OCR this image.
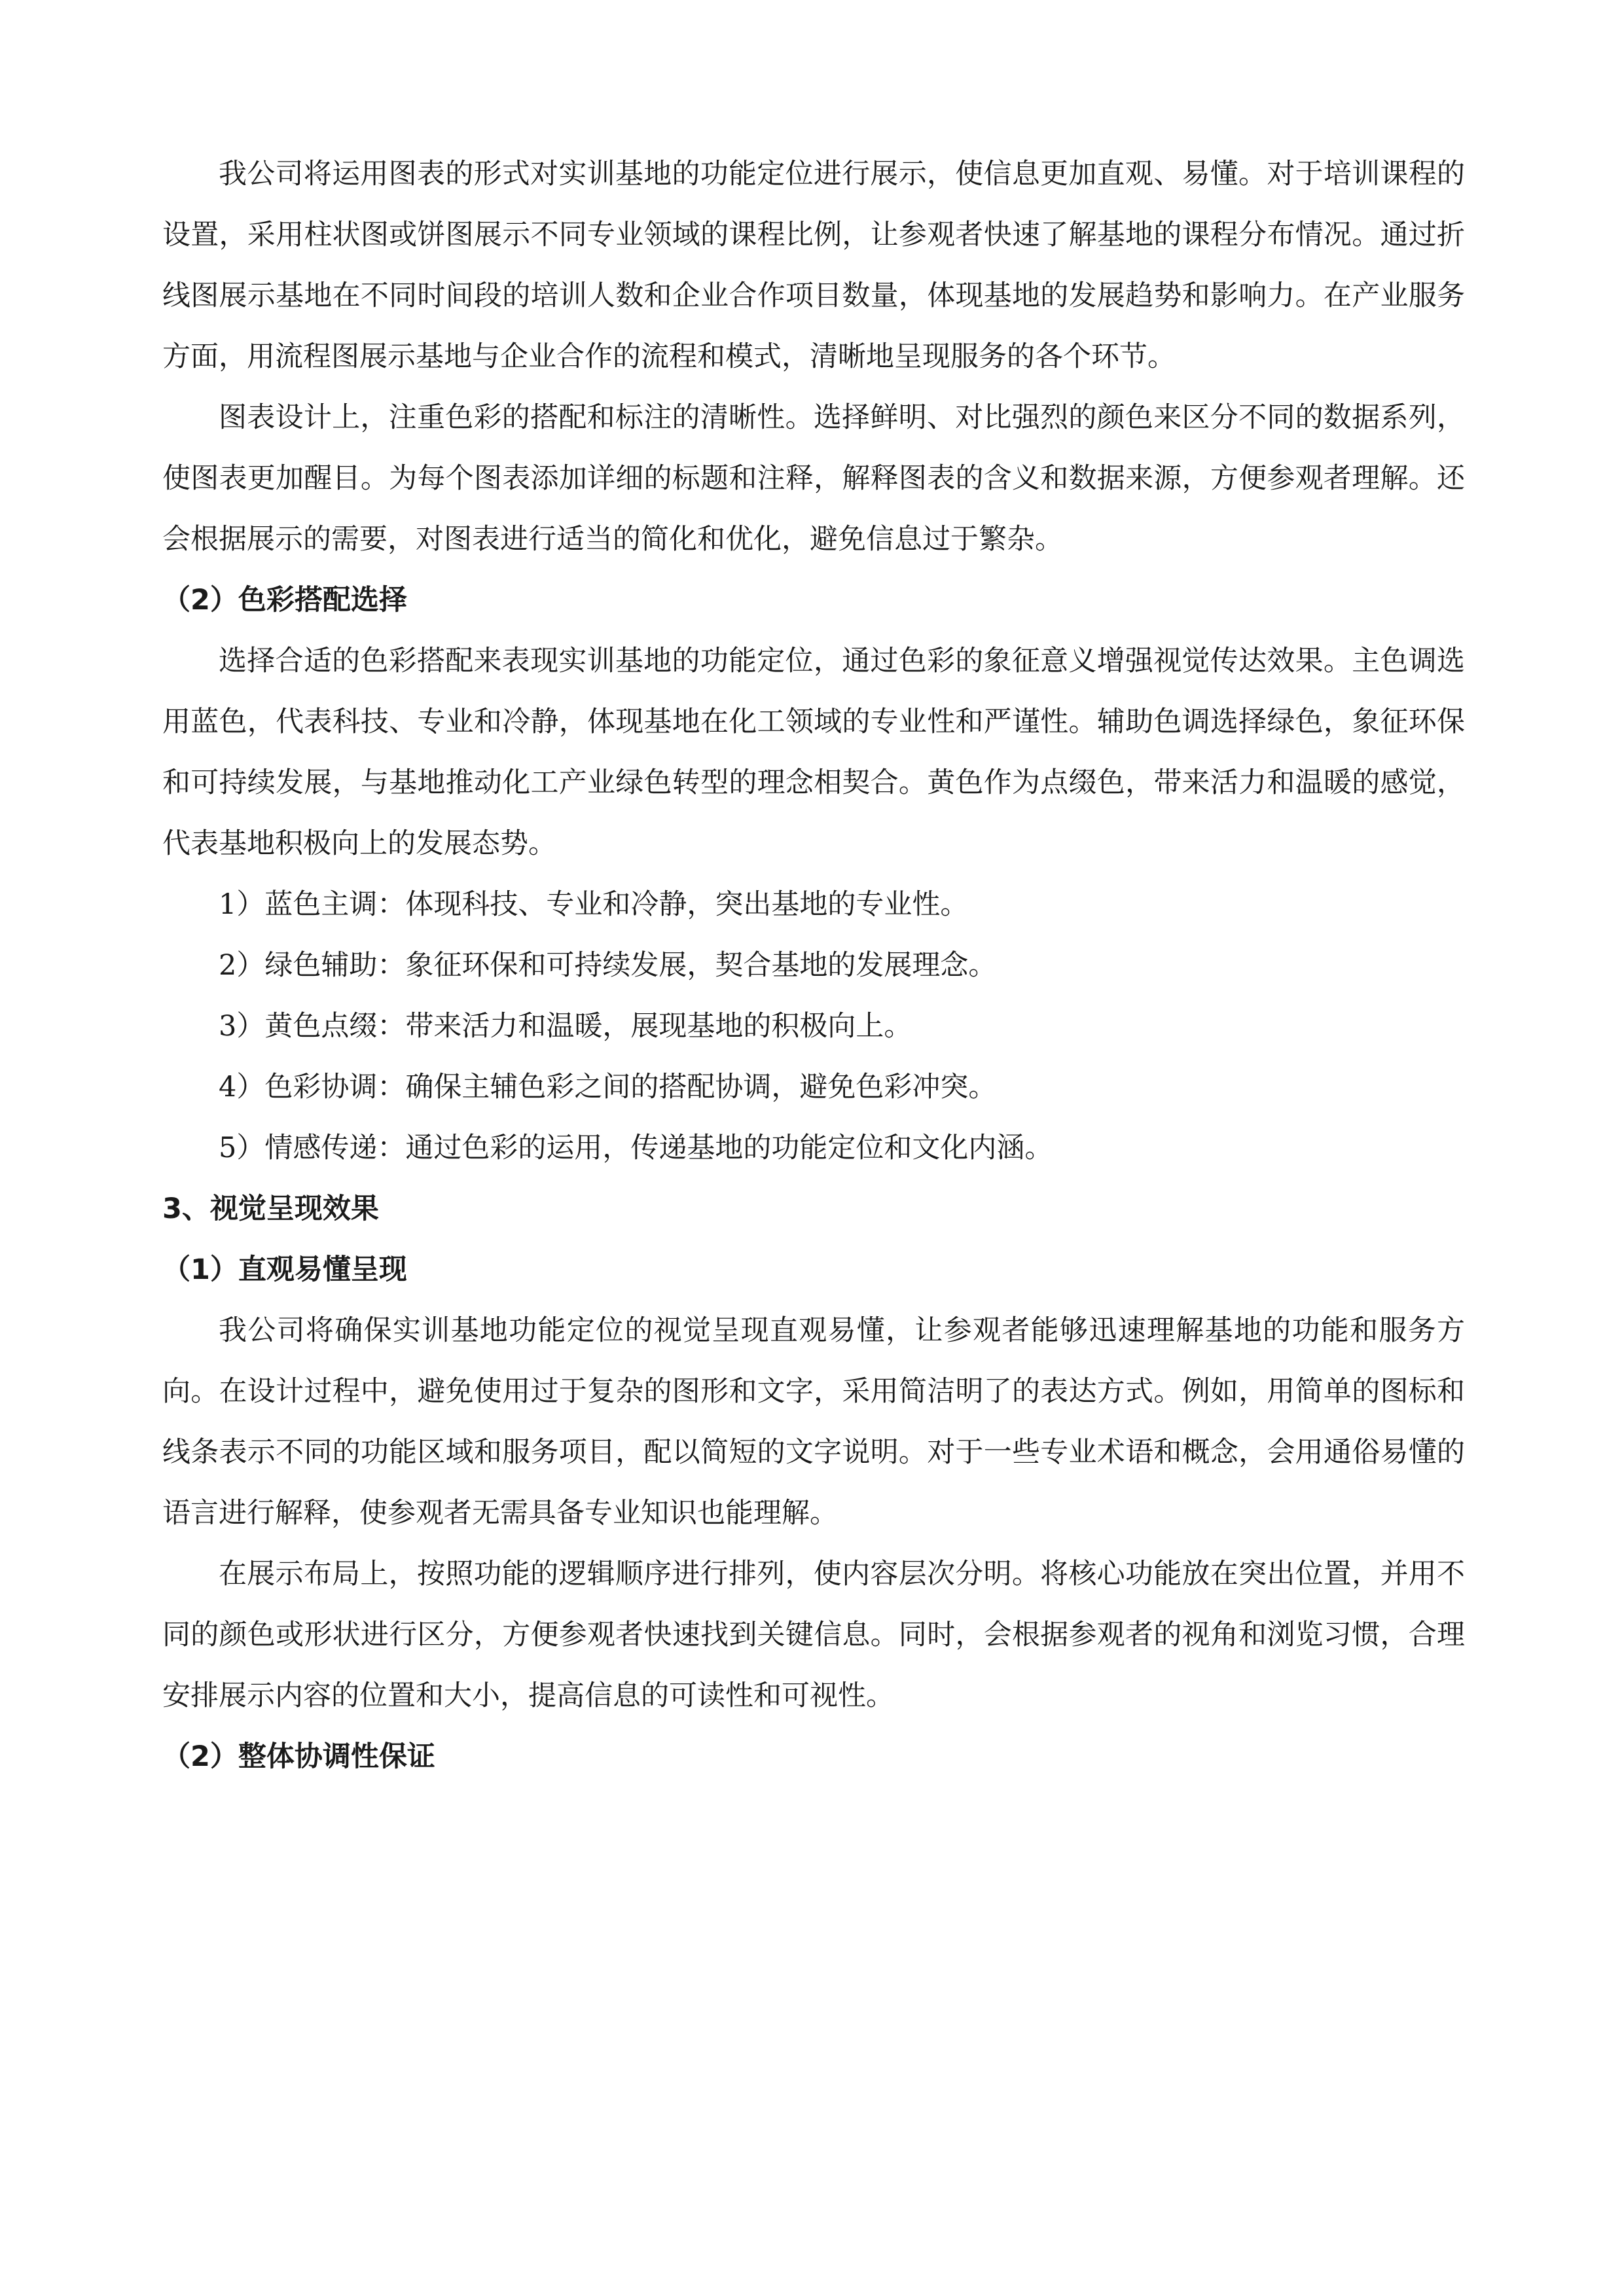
我公司将运用图表的形式对实训基地的功能定位进行展示，使信息更加直观、易懂。对于培训课程的设置，采用柱状图或饼图展示不同专业领域的课程比例，让参观者快速了解基地的课程分布情况。通过折线图展示基地在不同时间段的培训人数和企业合作项目数量，体现基地的发展趋势和影响力。在产业服务方面，用流程图展示基地与企业合作的流程和模式，清晰地呈现服务的各个环节。

图表设计上，注重色彩的搭配和标注的清晰性。选择鲜明、对比强烈的颜色来区分不同的数据系列，使图表更加醒目。为每个图表添加详细的标题和注释，解释图表的含义和数据来源，方便参观者理解。还会根据展示的需要，对图表进行适当的简化和优化，避免信息过于繁杂。

（2）色彩搭配选择

选择合适的色彩搭配来表现实训基地的功能定位，通过色彩的象征意义增强视觉传达效果。主色调选用蓝色，代表科技、专业和冷静，体现基地在化工领域的专业性和严谨性。辅助色调选择绿色，象征环保和可持续发展，与基地推动化工产业绿色转型的理念相契合。黄色作为点缀色，带来活力和温暖的感觉，代表基地积极向上的发展态势。

1）蓝色主调：体现科技、专业和冷静，突出基地的专业性。

2）绿色辅助：象征环保和可持续发展，契合基地的发展理念。

3）黄色点缀：带来活力和温暖，展现基地的积极向上。

4）色彩协调：确保主辅色彩之间的搭配协调，避免色彩冲突。

5）情感传递：通过色彩的运用，传递基地的功能定位和文化内涵。

3、视觉呈现效果

（1）直观易懂呈现

我公司将确保实训基地功能定位的视觉呈现直观易懂，让参观者能够迅速理解基地的功能和服务方向。在设计过程中，避免使用过于复杂的图形和文字，采用简洁明了的表达方式。例如，用简单的图标和线条表示不同的功能区域和服务项目，配以简短的文字说明。对于一些专业术语和概念，会用通俗易懂的语言进行解释，使参观者无需具备专业知识也能理解。

在展示布局上，按照功能的逻辑顺序进行排列，使内容层次分明。将核心功能放在突出位置，并用不同的颜色或形状进行区分，方便参观者快速找到关键信息。同时，会根据参观者的视角和浏览习惯，合理安排展示内容的位置和大小，提高信息的可读性和可视性。

（2）整体协调性保证
